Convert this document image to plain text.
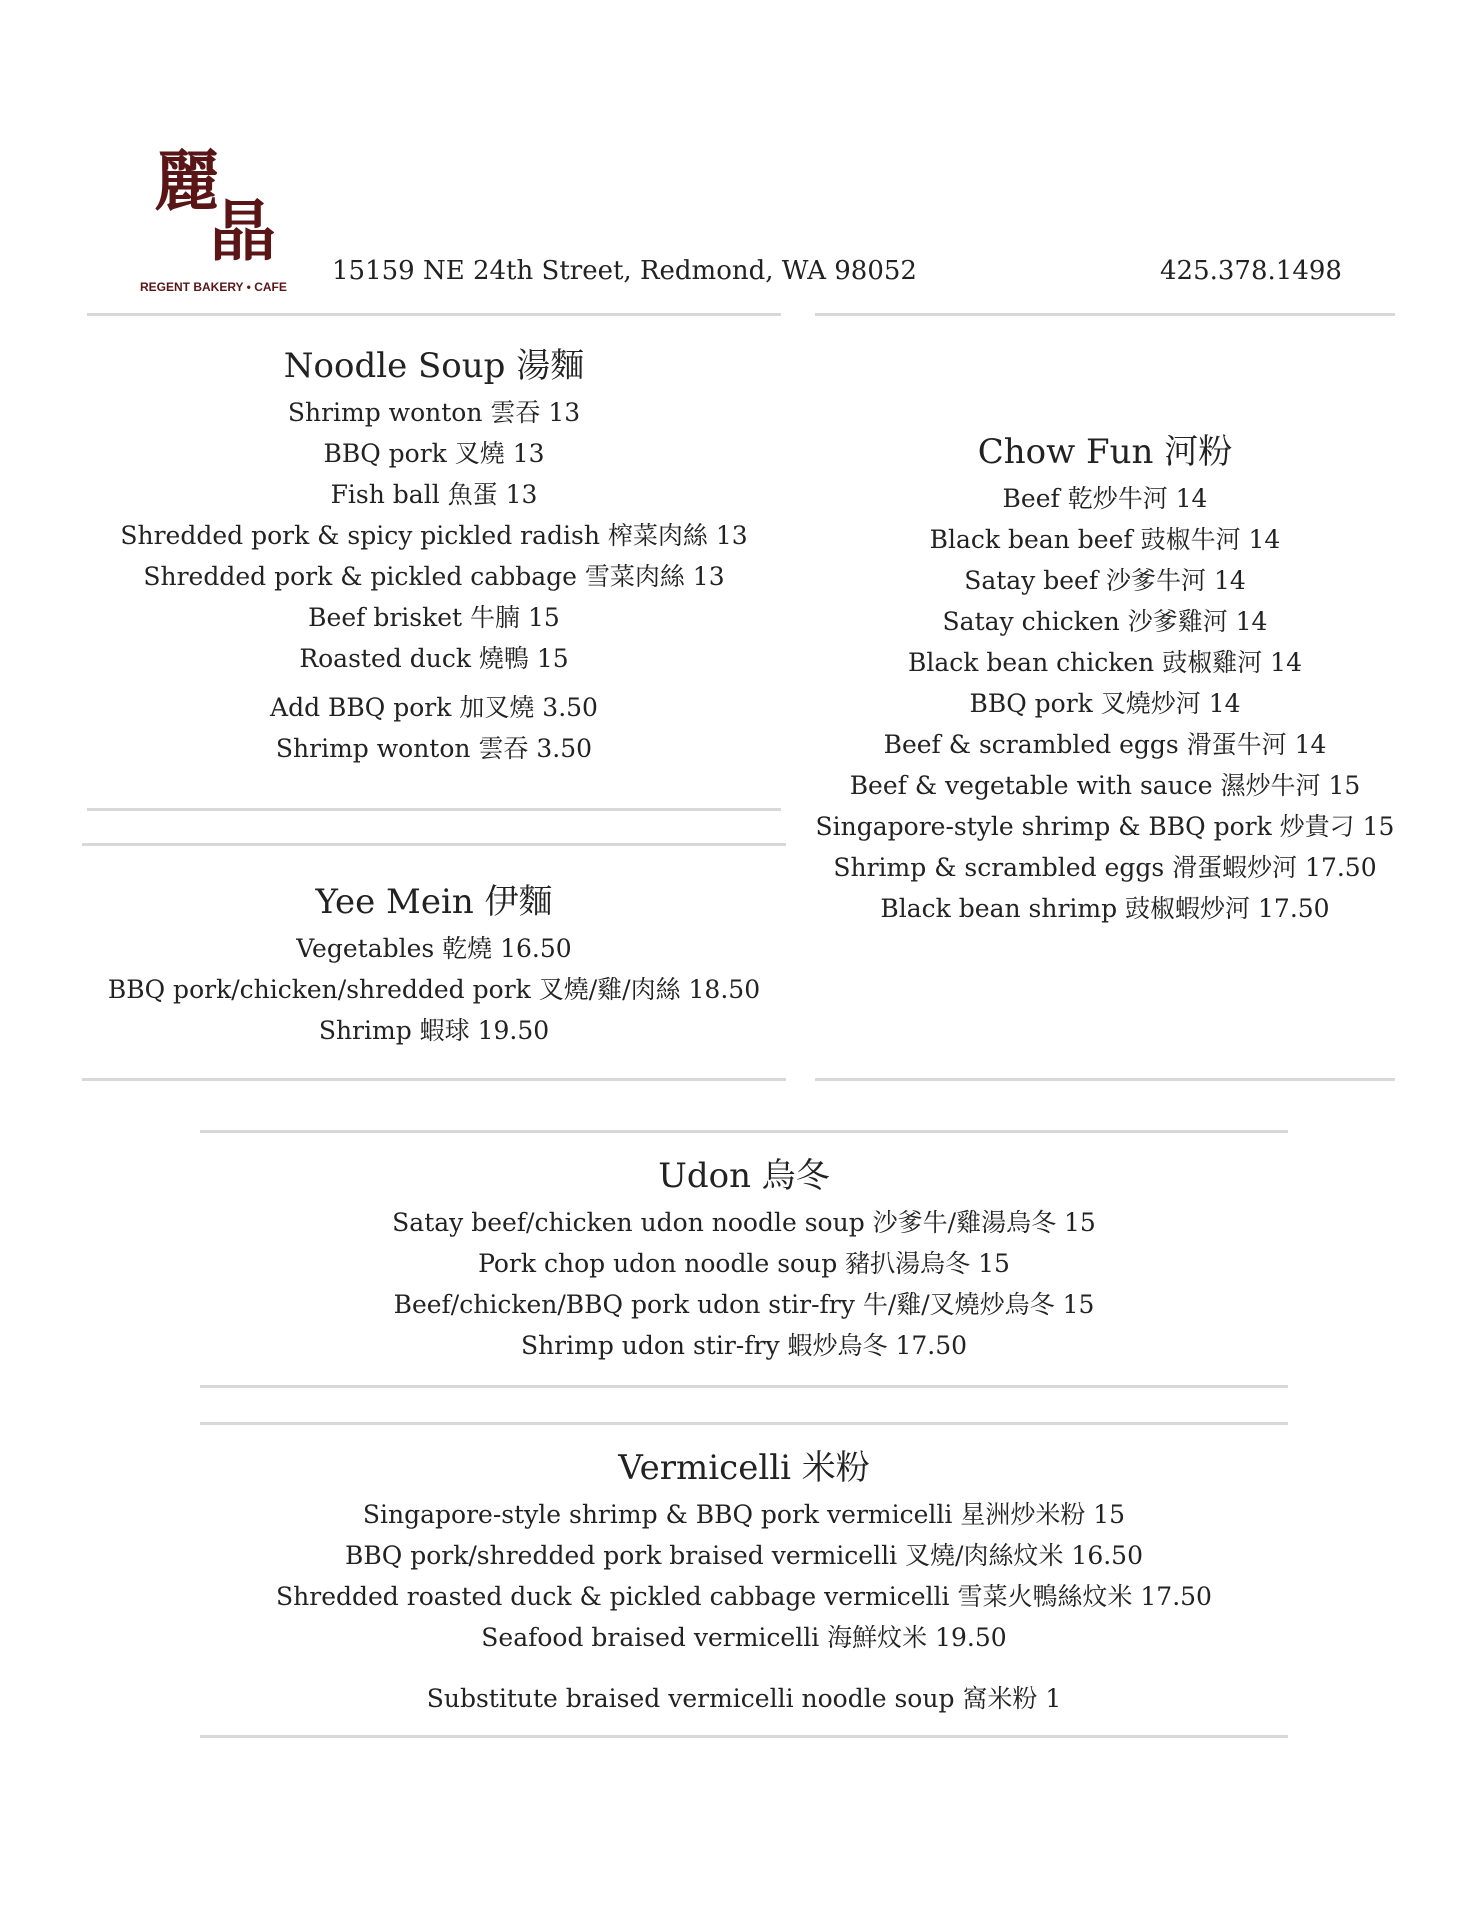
麗
晶
REGENT BAKERY • CAFE
15159 NE 24th Street, Redmond, WA 98052	425.378.1498
Noodle Soup 湯麵
Shrimp wonton 雲吞 13
BBQ pork 叉燒 13
Fish ball 魚蛋 13
Shredded pork & spicy pickled radish 榨菜肉絲 13
Shredded pork & pickled cabbage 雪菜肉絲 13
Beef brisket 牛腩 15
Roasted duck 燒鴨 15
Add BBQ pork 加叉燒 3.50
Shrimp wonton 雲吞 3.50
Yee Mein 伊麵
Vegetables 乾燒 16.50
BBQ pork/chicken/shredded pork 叉燒/雞/肉絲 18.50
Shrimp 蝦球 19.50
Chow Fun 河粉
Beef 乾炒牛河 14
Black bean beef 豉椒牛河 14
Satay beef 沙爹牛河 14
Satay chicken 沙爹雞河 14
Black bean chicken 豉椒雞河 14
BBQ pork 叉燒炒河 14
Beef & scrambled eggs 滑蛋牛河 14
Beef & vegetable with sauce 濕炒牛河 15
Singapore-style shrimp & BBQ pork 炒貴刁 15
Shrimp & scrambled eggs 滑蛋蝦炒河 17.50
Black bean shrimp 豉椒蝦炒河 17.50
Udon 烏冬
Satay beef/chicken udon noodle soup 沙爹牛/雞湯烏冬 15
Pork chop udon noodle soup 豬扒湯烏冬 15
Beef/chicken/BBQ pork udon stir-fry 牛/雞/叉燒炒烏冬 15
Shrimp udon stir-fry 蝦炒烏冬 17.50
Vermicelli 米粉
Singapore-style shrimp & BBQ pork vermicelli 星洲炒米粉 15
BBQ pork/shredded pork braised vermicelli 叉燒/肉絲炆米 16.50
Shredded roasted duck & pickled cabbage vermicelli 雪菜火鴨絲炆米 17.50
Seafood braised vermicelli 海鮮炆米 19.50
Substitute braised vermicelli noodle soup 窩米粉 1
